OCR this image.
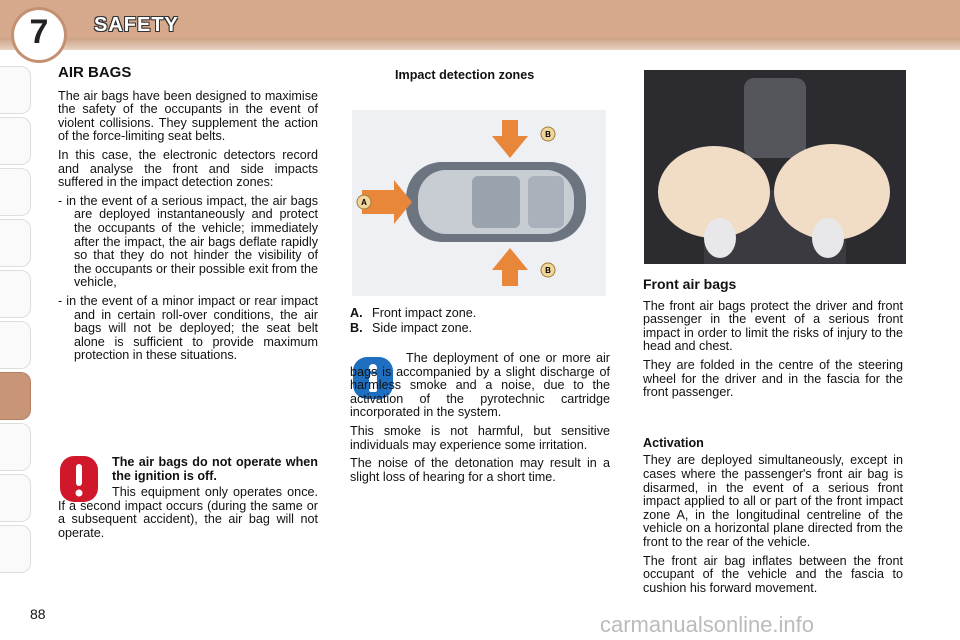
7	SAFETY
AIR BAGS

The air bags have been designed to maximise the safety of the occupants in the event of violent collisions. They supplement the action of the force-limiting seat belts.

In this case, the electronic detectors record and analyse the front and side impacts suffered in the impact detection zones:

- in the event of a serious impact, the air bags are deployed instantaneously and protect the occupants of the vehicle; immediately after the impact, the air bags deflate rapidly so that they do not hinder the visibility of the occupants or their possible exit from the vehicle,

- in the event of a minor impact or rear impact and in certain roll-over conditions, the air bags will not be deployed; the seat belt alone is sufficient to provide maximum protection in these situations.

The air bags do not operate when the ignition is off.

This equipment only operates once. If a second impact occurs (during the same or a subsequent accident), the air bag will not operate.

Impact detection zones
A
B
B
A. Front impact zone.
B. Side impact zone.

The deployment of one or more air bags is accompanied by a slight discharge of harmless smoke and a noise, due to the activation of the pyrotechnic cartridge incorporated in the system.

This smoke is not harmful, but sensitive individuals may experience some irritation.

The noise of the detonation may result in a slight loss of hearing for a short time.

Front air bags

The front air bags protect the driver and front passenger in the event of a serious front impact in order to limit the risks of injury to the head and chest.

They are folded in the centre of the steering wheel for the driver and in the fascia for the front passenger.

Activation

They are deployed simultaneously, except in cases where the passenger's front air bag is disarmed, in the event of a serious front impact applied to all or part of the front impact zone A, in the longitudinal centreline of the vehicle on a horizontal plane directed from the front to the rear of the vehicle.

The front air bag inflates between the front occupant of the vehicle and the fascia to cushion his forward movement.

88	carmanualsonline.info
